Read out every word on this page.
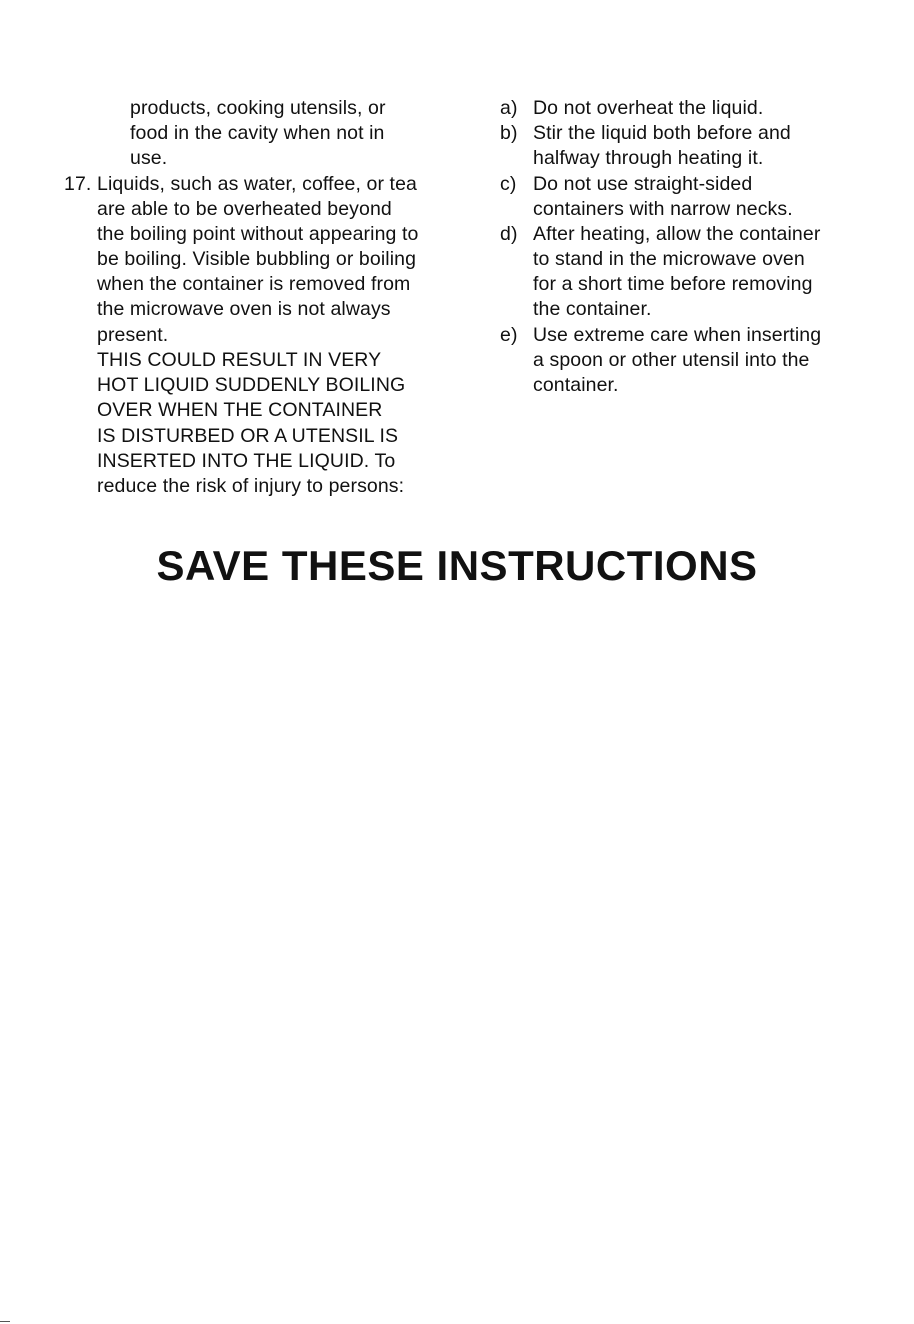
products, cooking utensils, or
food in the cavity when not in
use.
17. Liquids, such as water, coffee, or tea
are able to be overheated beyond
the boiling point without appearing to
be boiling. Visible bubbling or boiling
when the container is removed from
the microwave oven is not always
present.
THIS COULD RESULT IN VERY
HOT LIQUID SUDDENLY BOILING
OVER WHEN THE CONTAINER
IS DISTURBED OR A UTENSIL IS
INSERTED INTO THE LIQUID. To
reduce the risk of injury to persons:
a) Do not overheat the liquid.
b) Stir the liquid both before and
halfway through heating it.
c) Do not use straight-sided
containers with narrow necks.
d) After heating, allow the container
to stand in the microwave oven
for a short time before removing
the container.
e) Use extreme care when inserting
a spoon or other utensil into the
container.
SAVE THESE INSTRUCTIONS
